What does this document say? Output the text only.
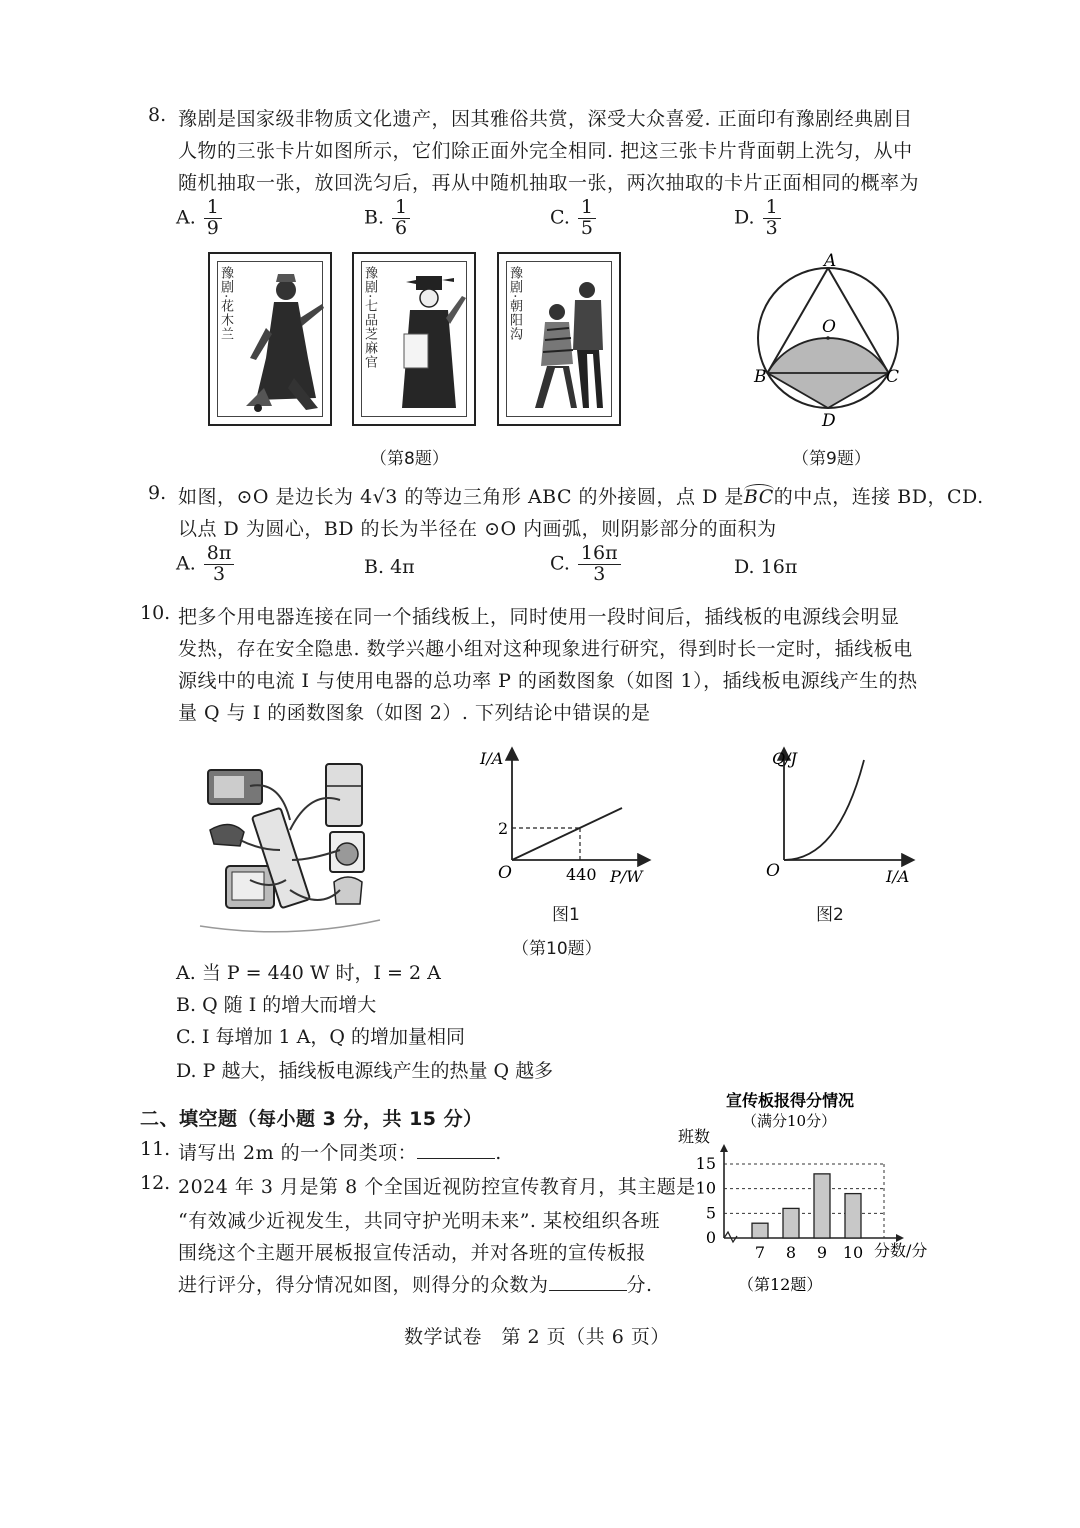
8. 豫剧是国家级非物质文化遗产，因其雅俗共赏，深受大众喜爱. 正面印有豫剧经典剧目
人物的三张卡片如图所示，它们除正面外完全相同. 把这三张卡片背面朝上洗匀，从中
随机抽取一张，放回洗匀后，再从中随机抽取一张，两次抽取的卡片正面相同的概率为
A. $\frac{1}{9}$	B. $\frac{1}{6}$	C. $\frac{1}{5}$	D. $\frac{1}{3}$
豫剧·花木兰	豫剧·七品芝麻官	豫剧·朝阳沟
（第8题）
A
O
B	C
D
（第9题）
9. 如图，⊙O 是边长为 4√3 的等边三角形 ABC 的外接圆，点 D 是BC的中点，连接 BD，CD.
以点 D 为圆心，BD 的长为半径在 ⊙O 内画弧，则阴影部分的面积为
A. $\frac{8\pi}{3}$	B. 4π	C. $\frac{16\pi}{3}$	D. 16π
10. 把多个用电器连接在同一个插线板上，同时使用一段时间后，插线板的电源线会明显
发热，存在安全隐患. 数学兴趣小组对这种现象进行研究，得到时长一定时，插线板电
源线中的电流 I 与使用电器的总功率 P 的函数图象（如图 1），插线板电源线产生的热
量 Q 与 I 的函数图象（如图 2）. 下列结论中错误的是
I/A
2
O	440 P/W
图1
Q/J
O	I/A
图2
（第10题）
A. 当 P = 440 W 时，I = 2 A
B. Q 随 I 的增大而增大
C. I 每增加 1 A，Q 的增加量相同
D. P 越大，插线板电源线产生的热量 Q 越多
二、填空题（每小题 3 分，共 15 分）
11. 请写出 2m 的一个同类项：	.
12. 2024 年 3 月是第 8 个全国近视防控宣传教育月，其主题是
“有效减少近视发生，共同守护光明未来”. 某校组织各班
围绕这个主题开展板报宣传活动，并对各班的宣传板报
进行评分，得分情况如图，则得分的众数为	分.
宣传板报得分情况
（满分10分）
班数
分数/分
（第12题）
0
5
10
15
7 8 9 10
数学试卷　第 2 页（共 6 页）
